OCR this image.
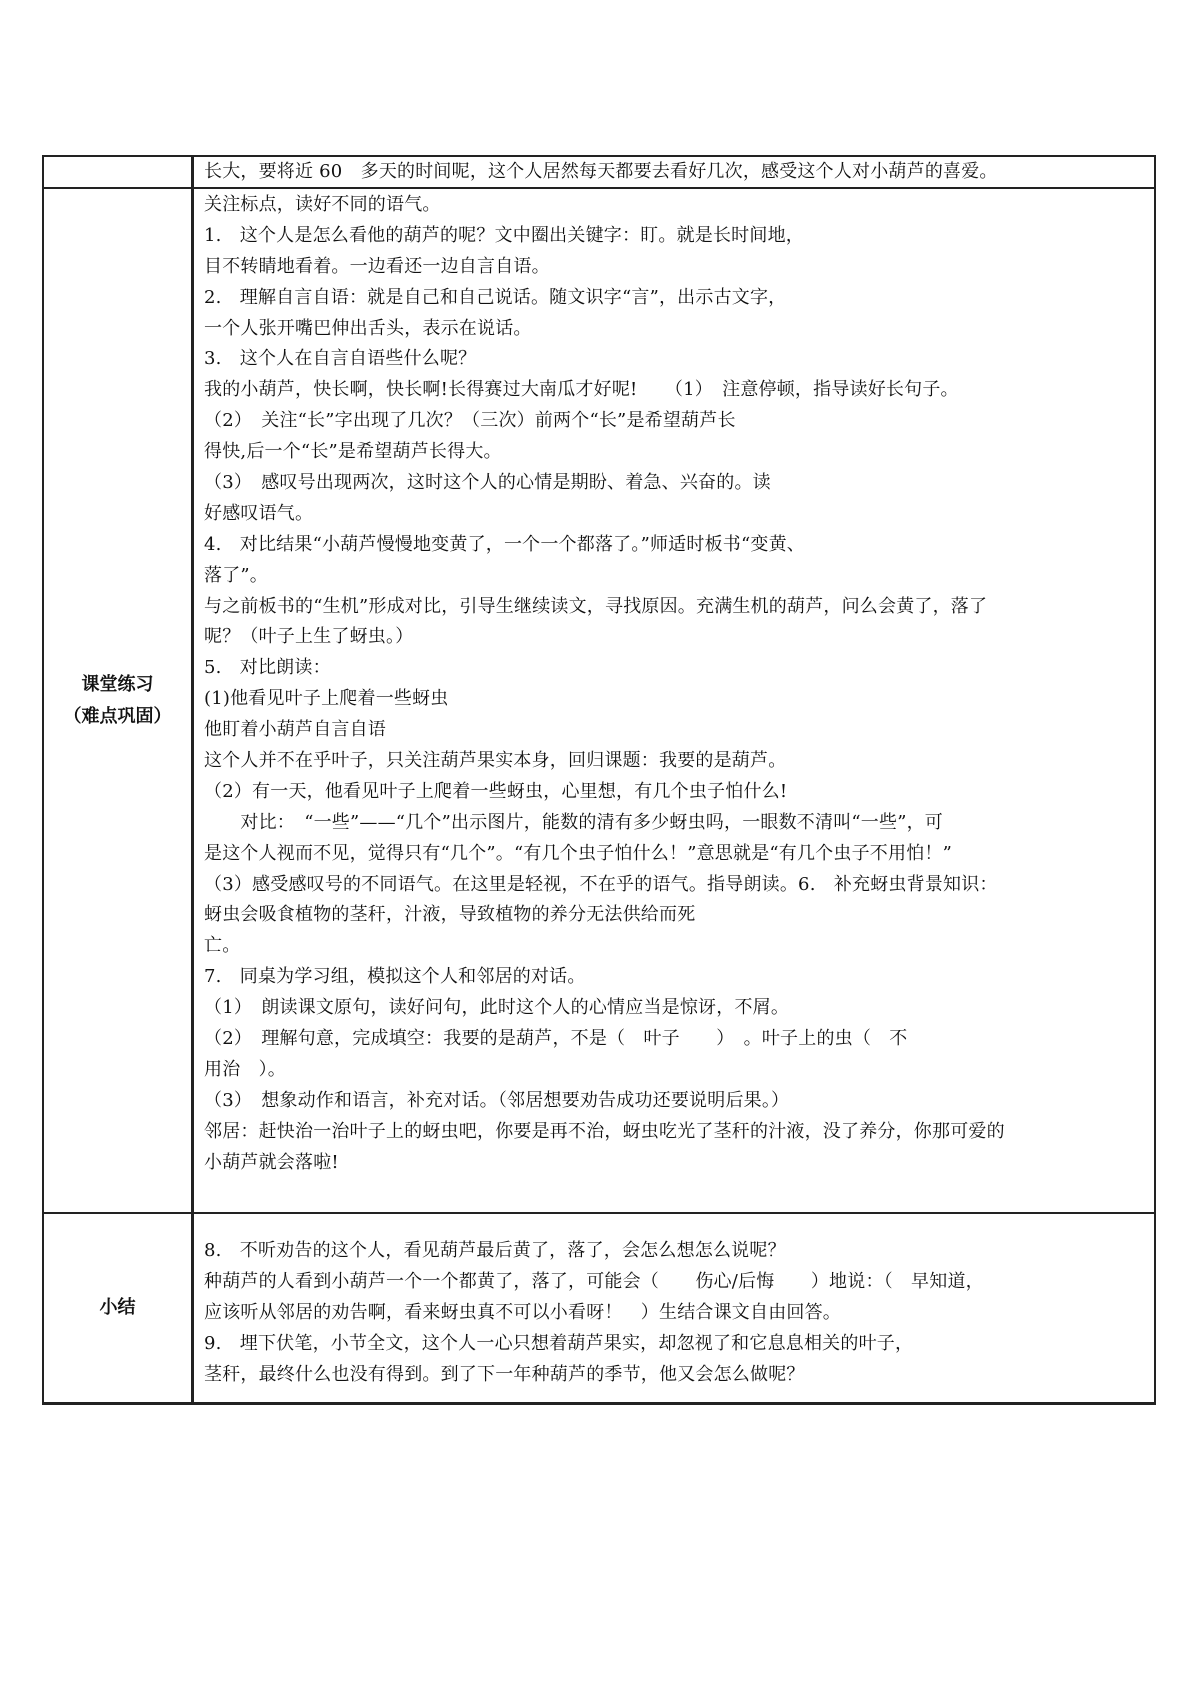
长大，要将近 60　多天的时间呢，这个人居然每天都要去看好几次，感受这个人对小葫芦的喜爱。
课堂练习
（难点巩固）
关注标点，读好不同的语气。
1.　这个人是怎么看他的葫芦的呢？文中圈出关键字：盯。就是长时间地，
目不转睛地看着。一边看还一边自言自语。
2.　理解自言自语：就是自己和自己说话。随文识字“言”，出示古文字，
一个人张开嘴巴伸出舌头，表示在说话。
3.　这个人在自言自语些什么呢？
我的小葫芦，快长啊，快长啊!长得赛过大南瓜才好呢!　　（1）　注意停顿，指导读好长句子。
（2）　关注“长”字出现了几次？（三次）前两个“长”是希望葫芦长
得快,后一个“长”是希望葫芦长得大。
（3）　感叹号出现两次，这时这个人的心情是期盼、着急、兴奋的。读
好感叹语气。
4.　对比结果“小葫芦慢慢地变黄了，一个一个都落了。”师适时板书“变黄、
落了”。
与之前板书的“生机”形成对比，引导生继续读文，寻找原因。充满生机的葫芦，问么会黄了，落了
呢？（叶子上生了蚜虫。）
5.　对比朗读：
(1)他看见叶子上爬着一些蚜虫
他盯着小葫芦自言自语
这个人并不在乎叶子，只关注葫芦果实本身，回归课题：我要的是葫芦。
（2）有一天，他看见叶子上爬着一些蚜虫，心里想，有几个虫子怕什么!
　　对比：　“一些”——“几个”出示图片，能数的清有多少蚜虫吗，一眼数不清叫“一些”，可
是这个人视而不见，觉得只有“几个”。“有几个虫子怕什么！”意思就是“有几个虫子不用怕！”
（3）感受感叹号的不同语气。在这里是轻视，不在乎的语气。指导朗读。6.　补充蚜虫背景知识：
蚜虫会吸食植物的茎秆，汁液，导致植物的养分无法供给而死
亡。
7.　同桌为学习组，模拟这个人和邻居的对话。
（1）　朗读课文原句，读好问句，此时这个人的心情应当是惊讶，不屑。
（2）　理解句意，完成填空：我要的是葫芦，不是（　叶子　　）　。叶子上的虫（　不
用治　）。
（3）　想象动作和语言，补充对话。（邻居想要劝告成功还要说明后果。）
邻居：赶快治一治叶子上的蚜虫吧，你要是再不治，蚜虫吃光了茎秆的汁液，没了养分，你那可爱的
小葫芦就会落啦!
小结
8.　不听劝告的这个人，看见葫芦最后黄了，落了，会怎么想怎么说呢？
种葫芦的人看到小葫芦一个一个都黄了，落了，可能会（　　伤心/后悔　　）地说：（　早知道，
应该听从邻居的劝告啊，看来蚜虫真不可以小看呀！　）生结合课文自由回答。
9.　埋下伏笔，小节全文，这个人一心只想着葫芦果实，却忽视了和它息息相关的叶子，
茎秆，最终什么也没有得到。到了下一年种葫芦的季节，他又会怎么做呢？
